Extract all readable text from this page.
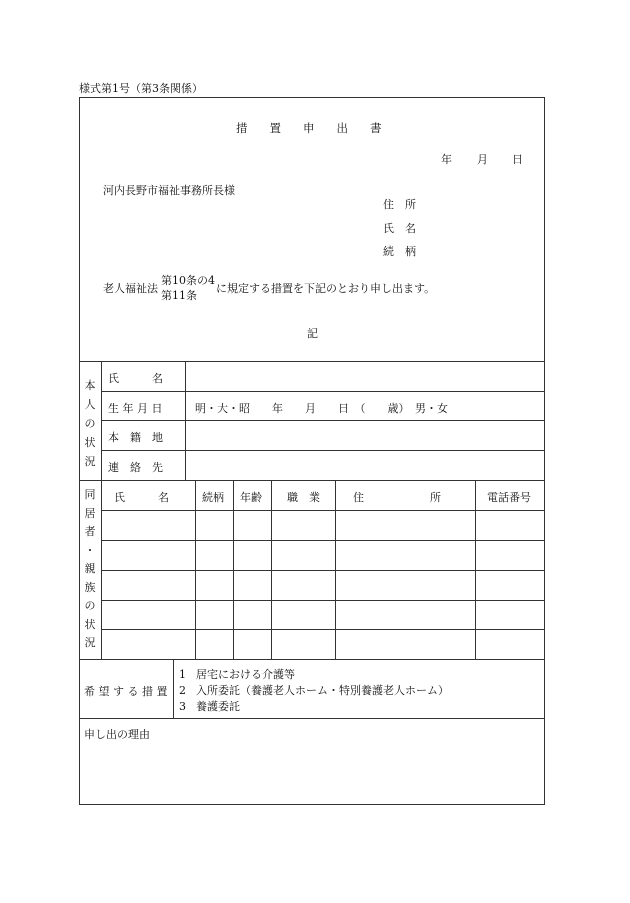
様式第1号（第3条関係）
措 置 申 出 書
年 月 日
河内長野市福祉事務所長様
住　所
氏　名
続　柄
老人福祉法
第10条の4
第11条
に規定する措置を下記のとおり申し出ます。
記
本
人
の
状
況
氏　　　名
生 年 月 日	明・大・昭　　年　　月　　日　（　　歳）　男・女
本　籍　地
連　絡　先
同
居
者
・
親
族
の
状
況
氏　　　名	続柄 年齢 職　業	住　　　　　　所	電話番号
希 望 す る 措 置
1 居宅における介護等
2 入所委託（養護老人ホーム・特別養護老人ホーム）
3 養護委託
申し出の理由
